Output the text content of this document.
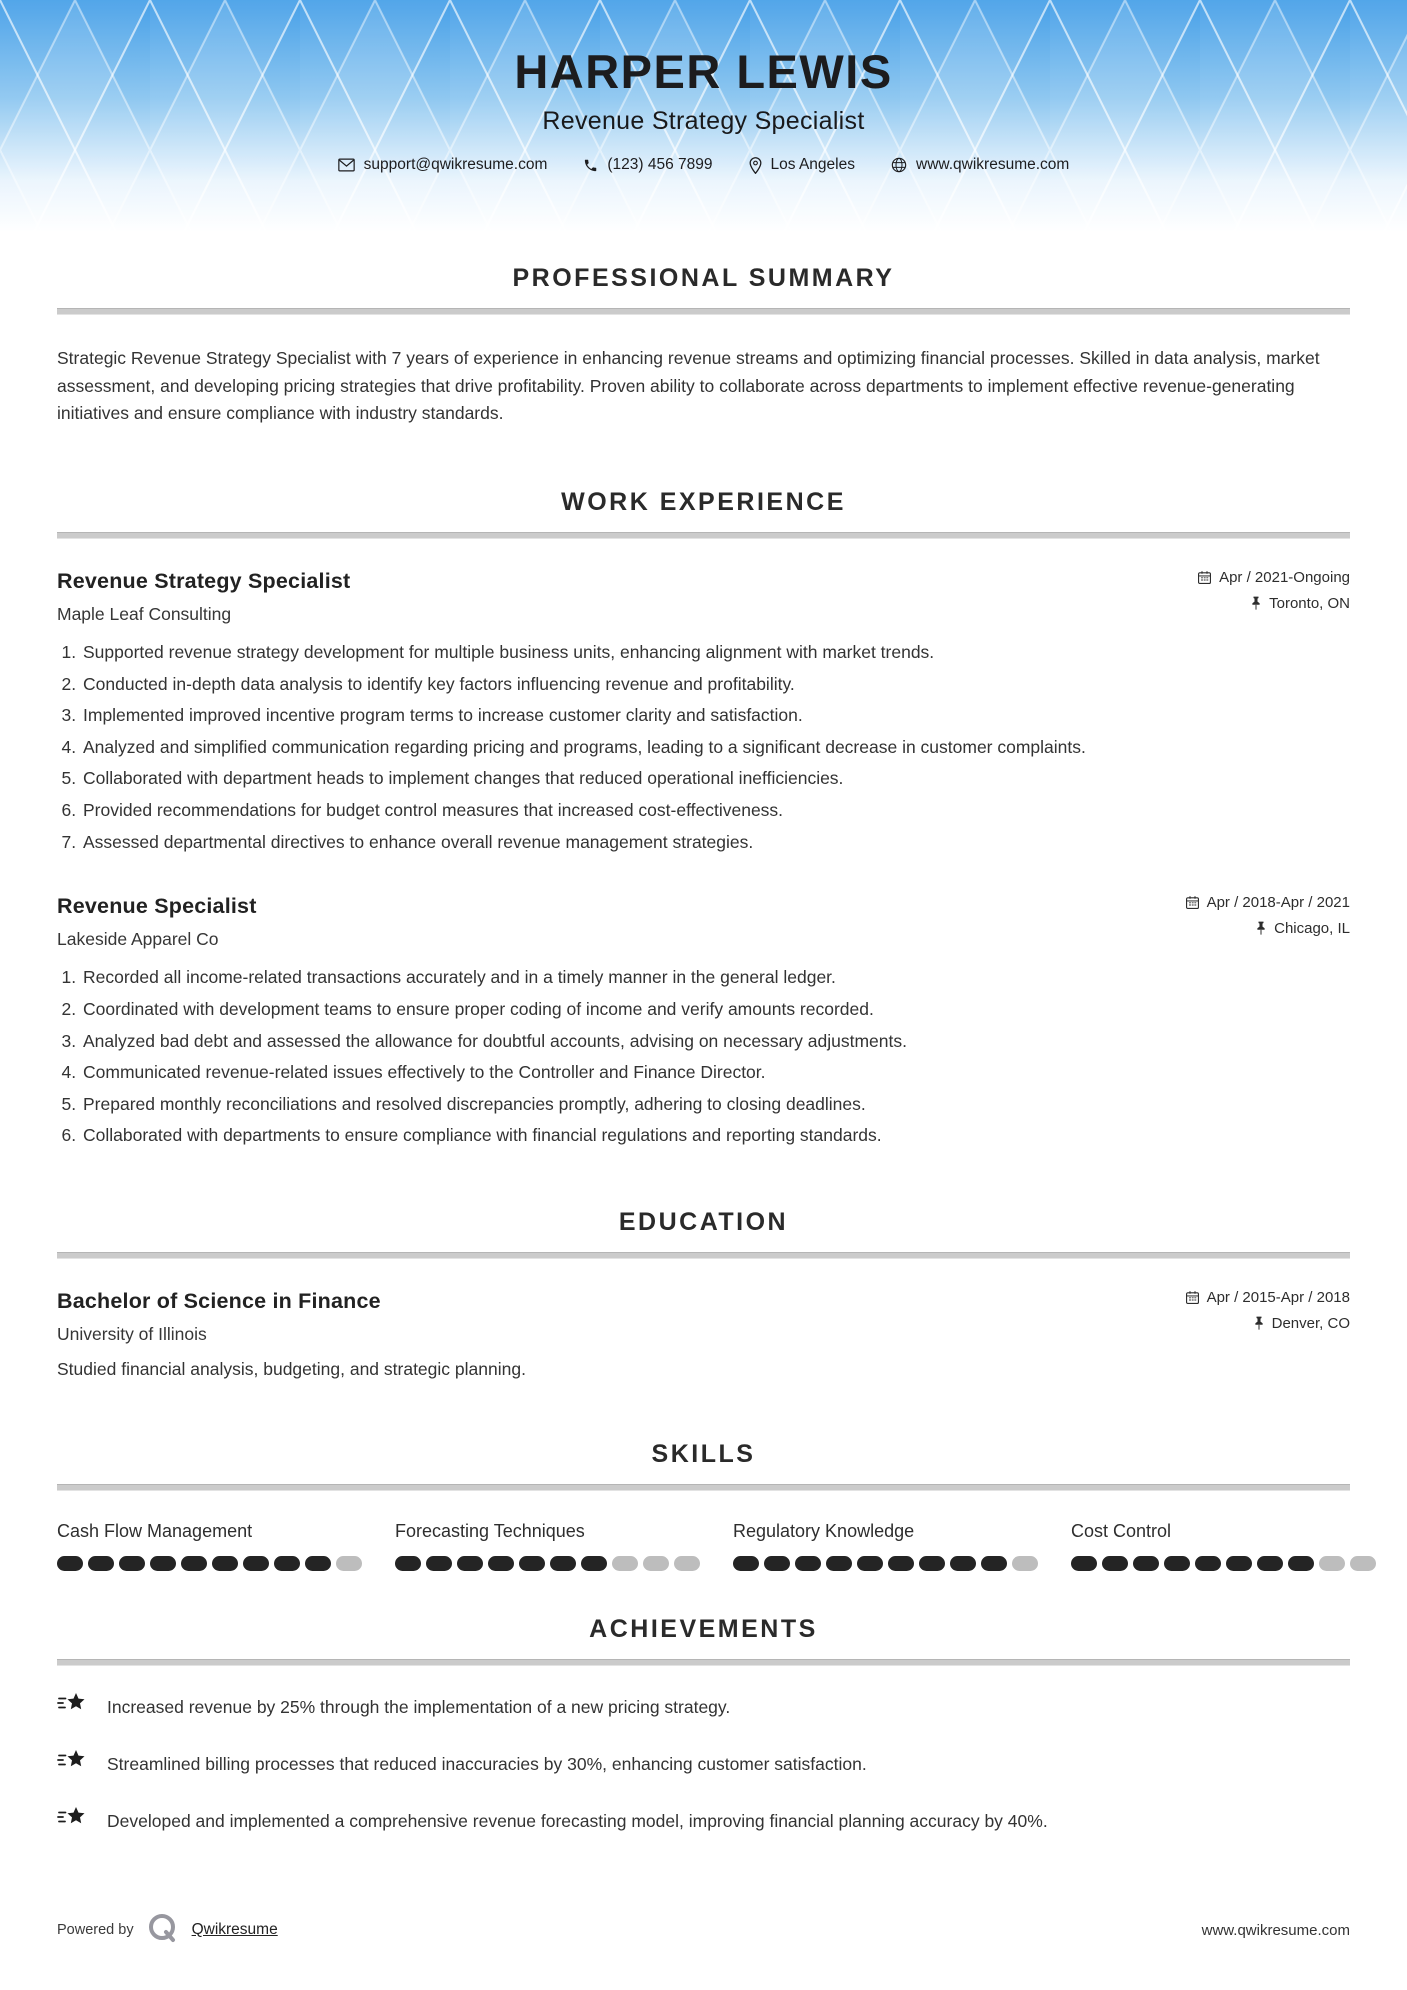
HARPER LEWIS
Revenue Strategy Specialist
support@qwikresume.com	(123) 456 7899	Los Angeles	www.qwikresume.com
PROFESSIONAL SUMMARY

Strategic Revenue Strategy Specialist with 7 years of experience in enhancing revenue streams and optimizing financial processes. Skilled in data analysis, market assessment, and developing pricing strategies that drive profitability. Proven ability to collaborate across departments to implement effective revenue-generating initiatives and ensure compliance with industry standards.

WORK EXPERIENCE
Revenue Strategy Specialist
Maple Leaf Consulting
Apr / 2021-Ongoing
Toronto, ON
1. Supported revenue strategy development for multiple business units, enhancing alignment with market trends.
2. Conducted in-depth data analysis to identify key factors influencing revenue and profitability.
3. Implemented improved incentive program terms to increase customer clarity and satisfaction.
4. Analyzed and simplified communication regarding pricing and programs, leading to a significant decrease in customer complaints.
5. Collaborated with department heads to implement changes that reduced operational inefficiencies.
6. Provided recommendations for budget control measures that increased cost-effectiveness.
7. Assessed departmental directives to enhance overall revenue management strategies.
Revenue Specialist
Lakeside Apparel Co
Apr / 2018-Apr / 2021
Chicago, IL
1. Recorded all income-related transactions accurately and in a timely manner in the general ledger.
2. Coordinated with development teams to ensure proper coding of income and verify amounts recorded.
3. Analyzed bad debt and assessed the allowance for doubtful accounts, advising on necessary adjustments.
4. Communicated revenue-related issues effectively to the Controller and Finance Director.
5. Prepared monthly reconciliations and resolved discrepancies promptly, adhering to closing deadlines.
6. Collaborated with departments to ensure compliance with financial regulations and reporting standards.
EDUCATION
Bachelor of Science in Finance
University of Illinois
Apr / 2015-Apr / 2018
Denver, CO
Studied financial analysis, budgeting, and strategic planning.
SKILLS
Cash Flow Management	Forecasting Techniques	Regulatory Knowledge	Cost Control
ACHIEVEMENTS
Increased revenue by 25% through the implementation of a new pricing strategy.
Streamlined billing processes that reduced inaccuracies by 30%, enhancing customer satisfaction.
Developed and implemented a comprehensive revenue forecasting model, improving financial planning accuracy by 40%.
Powered by	Qwikresume	www.qwikresume.com
